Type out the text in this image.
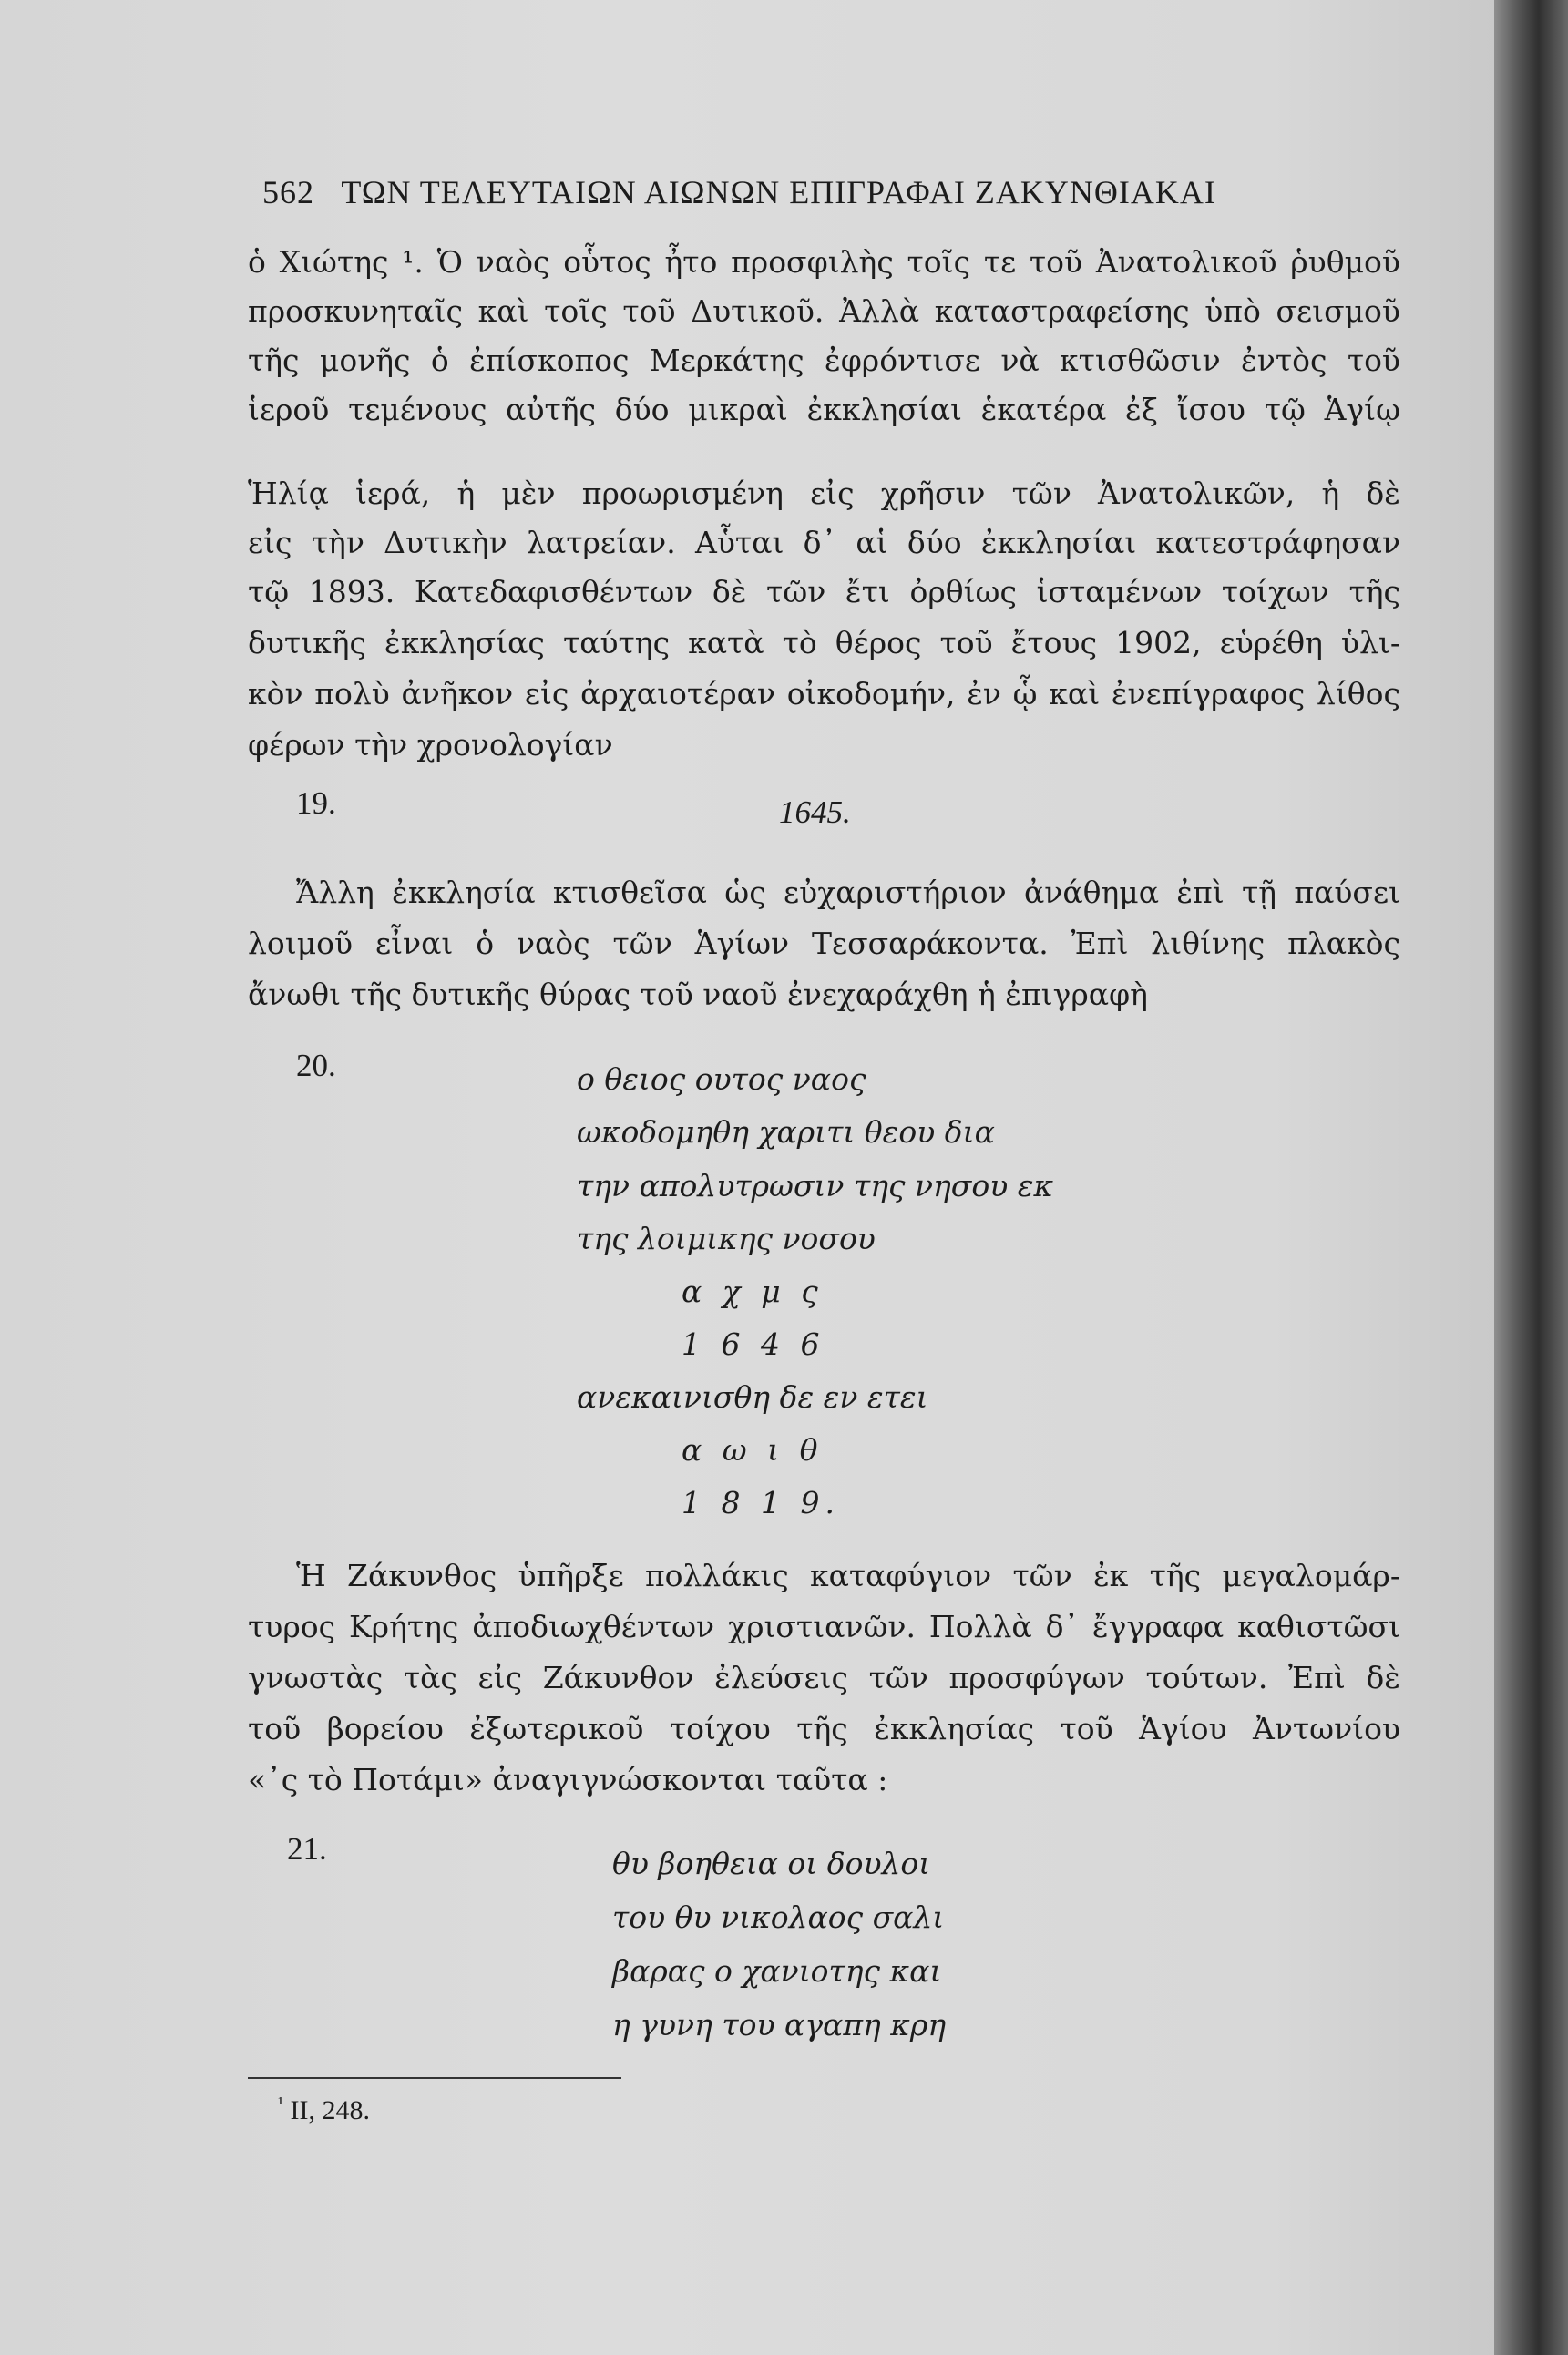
562 ΤΩΝ ΤΕΛΕΥΤΑΙΩΝ ΑΙΩΝΩΝ ΕΠΙΓΡΑΦΑΙ ΖΑΚΥΝΘΙΑΚΑΙ
ὁ Χιώτης ¹. Ὁ ναὸς οὗτος ἦτο προσφιλὴς τοῖς τε τοῦ Ἀνατολικοῦ ῥυθμοῦ
προσκυνηταῖς καὶ τοῖς τοῦ Δυτικοῦ. Ἀλλὰ καταστραφείσης ὑπὸ σεισμοῦ
τῆς μονῆς ὁ ἐπίσκοπος Μερκάτης ἐφρόντισε νὰ κτισθῶσιν ἐντὸς τοῦ
ἱεροῦ τεμένους αὐτῆς δύο μικραὶ ἐκκλησίαι ἑκατέρα ἐξ ἴσου τῷ Ἁγίῳ
Ἡλίᾳ ἱερά, ἡ μὲν προωρισμένη εἰς χρῆσιν τῶν Ἀνατολικῶν, ἡ δὲ
εἰς τὴν Δυτικὴν λατρείαν. Αὗται δ᾽ αἱ δύο ἐκκλησίαι κατεστράφησαν
τῷ 1893. Κατεδαφισθέντων δὲ τῶν ἔτι ὀρθίως ἱσταμένων τοίχων τῆς
δυτικῆς ἐκκλησίας ταύτης κατὰ τὸ θέρος τοῦ ἔτους 1902, εὑρέθη ὑλι-
κὸν πολὺ ἀνῆκον εἰς ἀρχαιοτέραν οἰκοδομήν, ἐν ᾧ καὶ ἐνεπίγραφος λίθος
φέρων τὴν χρονολογίαν
19.	1645.
Ἄλλη ἐκκλησία κτισθεῖσα ὡς εὐχαριστήριον ἀνάθημα ἐπὶ τῇ παύσει
λοιμοῦ εἶναι ὁ ναὸς τῶν Ἁγίων Τεσσαράκοντα. Ἐπὶ λιθίνης πλακὸς
ἄνωθι τῆς δυτικῆς θύρας τοῦ ναοῦ ἐνεχαράχθη ἡ ἐπιγραφὴ
20.	ο θειος ουτος ναος
ωκοδομηθη χαριτι θεου δια
την απολυτρωσιν της νησου εκ
της λοιμικης νοσου
α χ μ ς
1 6 4 6
ανεκαινισθη δε εν ετει
α ω ι θ
1 8 1 9.
Ἡ Ζάκυνθος ὑπῆρξε πολλάκις καταφύγιον τῶν ἐκ τῆς μεγαλομάρ-
τυρος Κρήτης ἀποδιωχθέντων χριστιανῶν. Πολλὰ δ᾽ ἔγγραφα καθιστῶσι
γνωστὰς τὰς εἰς Ζάκυνθον ἐλεύσεις τῶν προσφύγων τούτων. Ἐπὶ δὲ
τοῦ βορείου ἐξωτερικοῦ τοίχου τῆς ἐκκλησίας τοῦ Ἁγίου Ἀντωνίου
«᾽ς τὸ Ποτάμι» ἀναγιγνώσκονται ταῦτα :
21.	θυ βοηθεια οι δουλοι
του θυ νικολαος σαλι
βαρας ο χανιοτης και
η γυνη του αγαπη κρη
$^{^1}$ II, 248.
